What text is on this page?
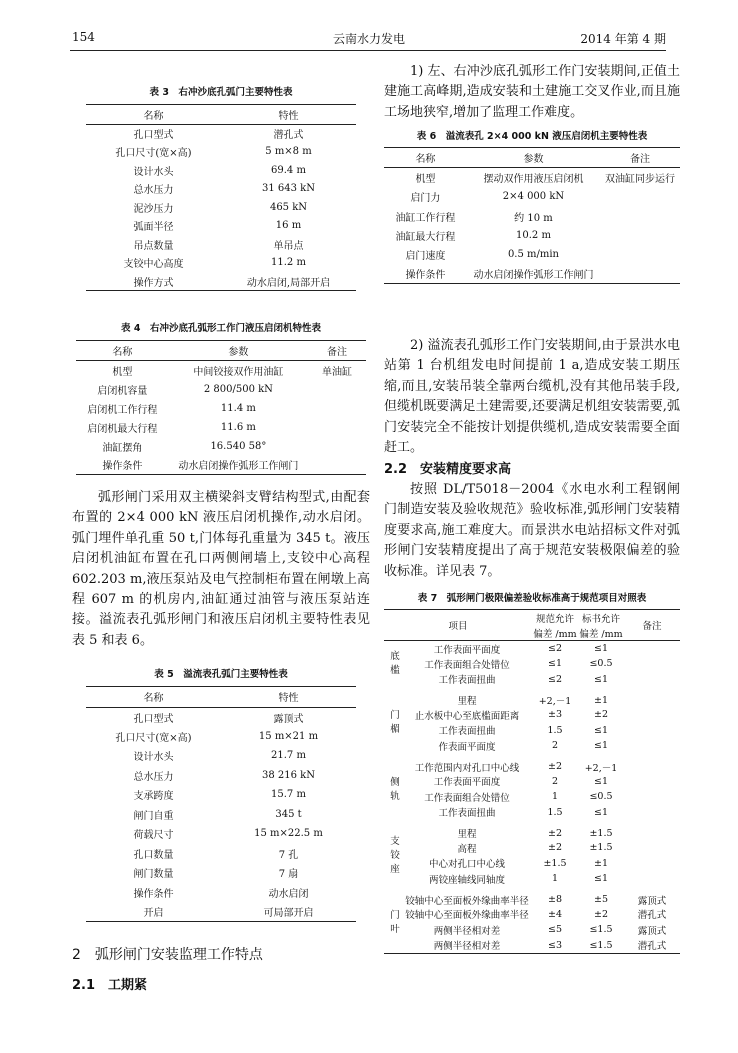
154	云南水力发电	2014 年第 4 期
表 3　右冲沙底孔弧门主要特性表
名称	特性
孔口型式	潜孔式
孔口尺寸(宽×高)	5 m×8 m
设计水头	69.4 m
总水压力	31 643 kN
泥沙压力	465 kN
弧面半径	16 m
吊点数量	单吊点
支铰中心高度	11.2 m
操作方式	动水启闭,局部开启
表 4　右冲沙底孔弧形工作门液压启闭机特性表
名称	参数	备注
机型	中间铰接双作用油缸	单油缸
启闭机容量	2 800/500 kN	
启闭机工作行程	11.4 m	
启闭机最大行程	11.6 m	
油缸摆角	16.540 58°	
操作条件	动水启闭操作弧形工作闸门	

弧形闸门采用双主横梁斜支臂结构型式,由配套布置的 2×4 000 kN 液压启闭机操作,动水启闭。弧门埋件单孔重 50 t,门体每孔重量为 345 t。液压启闭机油缸布置在孔口两侧闸墙上,支铰中心高程 602.203 m,液压泵站及电气控制柜布置在闸墩上高程 607 m 的机房内,油缸通过油管与液压泵站连接。溢流表孔弧形闸门和液压启闭机主要特性表见表 5 和表 6。

表 5　溢流表孔弧门主要特性表
名称	特性
孔口型式	露顶式
孔口尺寸(宽×高)	15 m×21 m
设计水头	21.7 m
总水压力	38 216 kN
支承跨度	15.7 m
闸门自重	345 t
荷载尺寸	15 m×22.5 m
孔口数量	7 孔
闸门数量	7 扇
操作条件	动水启闭
开启	可局部开启
2　弧形闸门安装监理工作特点
2.1　工期紧

1) 左、右冲沙底孔弧形工作门安装期间,正值土建施工高峰期,造成安装和土建施工交叉作业,而且施工场地狭窄,增加了监理工作难度。

表 6　溢流表孔 2×4 000 kN 液压启闭机主要特性表
名称	参数	备注
机型	摆动双作用液压启闭机	双油缸同步运行
启门力	2×4 000 kN	
油缸工作行程	约 10 m	
油缸最大行程	10.2 m	
启门速度	0.5 m/min	
操作条件	动水启闭操作弧形工作闸门	

2) 溢流表孔弧形工作门安装期间,由于景洪水电站第 1 台机组发电时间提前 1 a,造成安装工期压缩,而且,安装吊装全靠两台缆机,没有其他吊装手段,但缆机既要满足土建需要,还要满足机组安装需要,弧门安装完全不能按计划提供缆机,造成安装需要全面赶工。

2.2　安装精度要求高

按照 DL/T5018－2004《水电水利工程钢闸门制造安装及验收规范》验收标准,弧形闸门安装精度要求高,施工难度大。而景洪水电站招标文件对弧形闸门安装精度提出了高于规范安装极限偏差的验收标准。详见表 7。

表 7　弧形闸门极限偏差验收标准高于规范项目对照表
项目		规范允许	标书允许	备注
		偏差 /mm	偏差 /mm	
底槛	工作表面平面度	≤2	≤1	
	工作表面组合处错位	≤1	≤0.5	
	工作表面扭曲	≤2	≤1	
门楣	里程	+2,－1	±1	
	止水板中心至底槛面距离	±3	±2	
	工作表面扭曲	1.5	≤1	
	作表面平面度	2	≤1	
侧轨	工作范围内对孔口中心线	±2	+2,－1	
	工作表面平面度	2	≤1	
	工作表面组合处错位	1	≤0.5	
	工作表面扭曲	1.5	≤1	
支铰座	里程	±2	±1.5	
	高程	±2	±1.5	
	中心对孔口中心线	±1.5	±1	
	两铰座轴线同轴度	1	≤1	
门叶	铰轴中心至面板外缘曲率半径	±8	±5	露顶式
	铰轴中心至面板外缘曲率半径	±4	±2	潜孔式
	两侧半径相对差	≤5	≤1.5	露顶式
	两侧半径相对差	≤3	≤1.5	潜孔式
